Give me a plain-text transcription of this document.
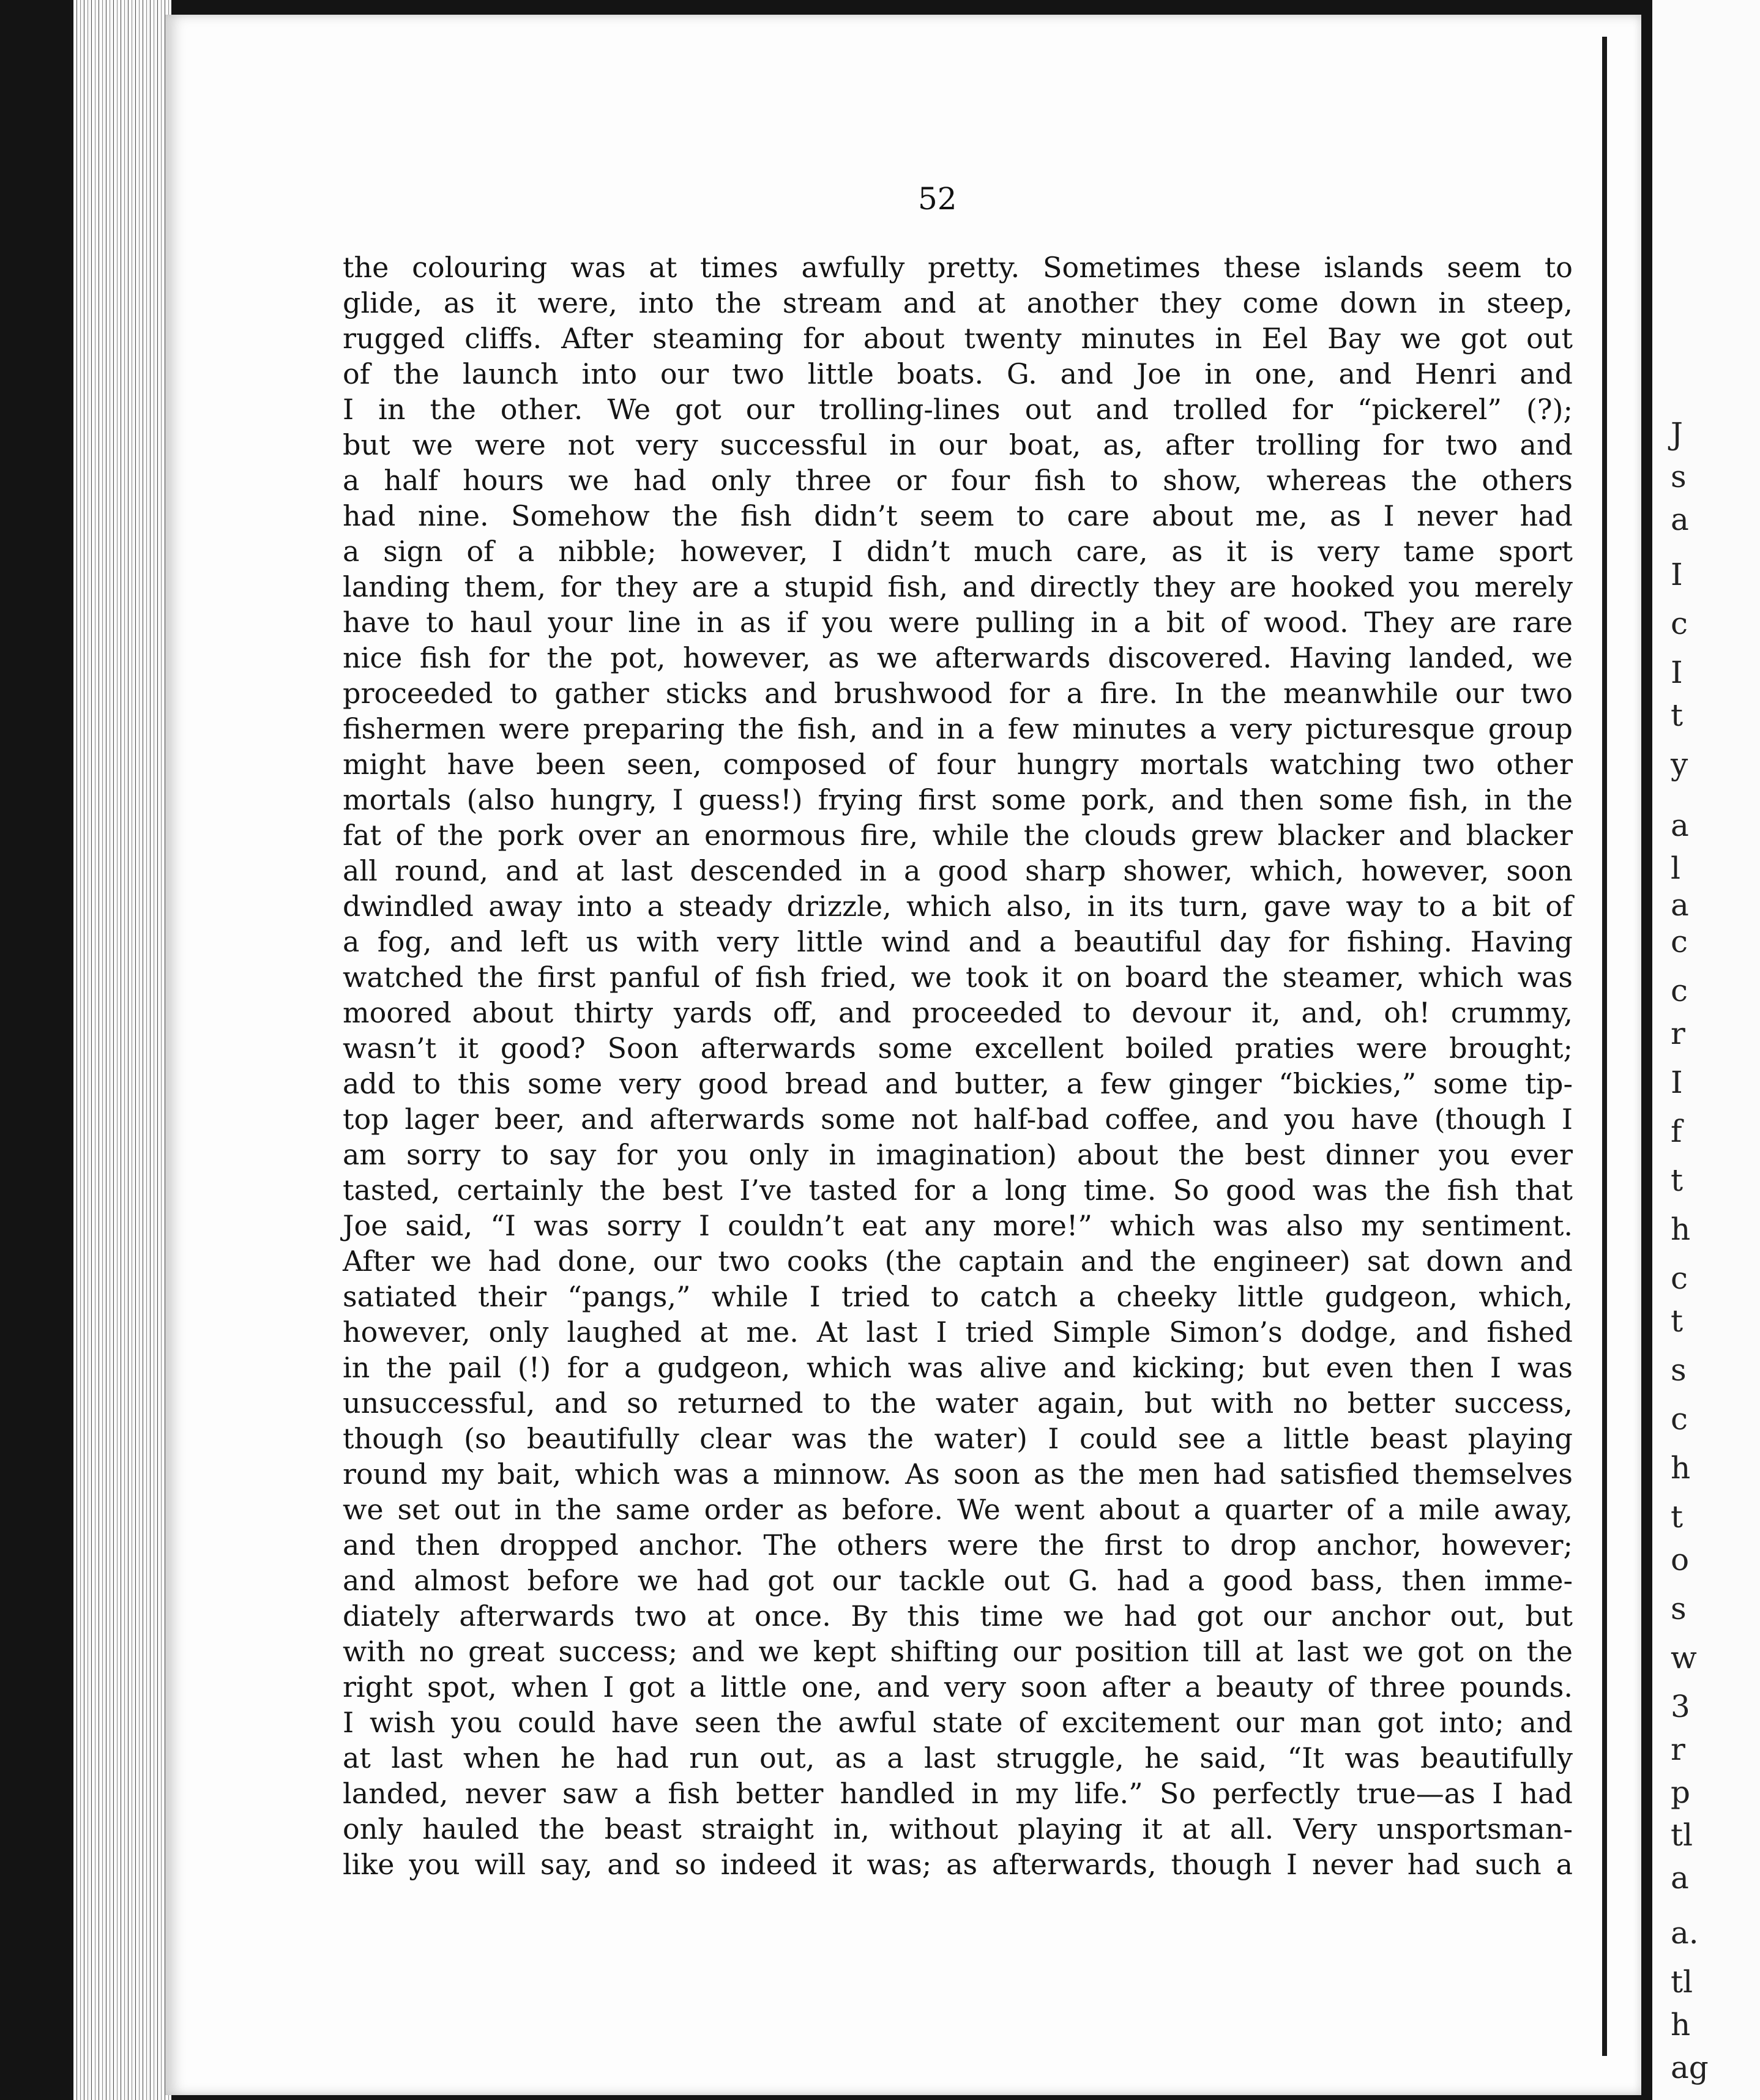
52
the colouring was at times awfully pretty. Sometimes these islands seem to
glide, as it were, into the stream and at another they come down in steep,
rugged cliffs. After steaming for about twenty minutes in Eel Bay we got out
of the launch into our two little boats. G. and Joe in one, and Henri and
I in the other. We got our trolling-lines out and trolled for “pickerel” (?);
but we were not very successful in our boat, as, after trolling for two and
a half hours we had only three or four fish to show, whereas the others
had nine. Somehow the fish didn’t seem to care about me, as I never had
a sign of a nibble; however, I didn’t much care, as it is very tame sport
landing them, for they are a stupid fish, and directly they are hooked you merely
have to haul your line in as if you were pulling in a bit of wood. They are rare
nice fish for the pot, however, as we afterwards discovered. Having landed, we
proceeded to gather sticks and brushwood for a fire. In the meanwhile our two
fishermen were preparing the fish, and in a few minutes a very picturesque group
might have been seen, composed of four hungry mortals watching two other
mortals (also hungry, I guess!) frying first some pork, and then some fish, in the
fat of the pork over an enormous fire, while the clouds grew blacker and blacker
all round, and at last descended in a good sharp shower, which, however, soon
dwindled away into a steady drizzle, which also, in its turn, gave way to a bit of
a fog, and left us with very little wind and a beautiful day for fishing. Having
watched the first panful of fish fried, we took it on board the steamer, which was
moored about thirty yards off, and proceeded to devour it, and, oh! crummy,
wasn’t it good? Soon afterwards some excellent boiled praties were brought;
add to this some very good bread and butter, a few ginger “bickies,” some tip-
top lager beer, and afterwards some not half-bad coffee, and you have (though I
am sorry to say for you only in imagination) about the best dinner you ever
tasted, certainly the best I’ve tasted for a long time. So good was the fish that
Joe said, “I was sorry I couldn’t eat any more!” which was also my sentiment.
After we had done, our two cooks (the captain and the engineer) sat down and
satiated their “pangs,” while I tried to catch a cheeky little gudgeon, which,
however, only laughed at me. At last I tried Simple Simon’s dodge, and fished
in the pail (!) for a gudgeon, which was alive and kicking; but even then I was
unsuccessful, and so returned to the water again, but with no better success,
though (so beautifully clear was the water) I could see a little beast playing
round my bait, which was a minnow. As soon as the men had satisfied themselves
we set out in the same order as before. We went about a quarter of a mile away,
and then dropped anchor. The others were the first to drop anchor, however;
and almost before we had got our tackle out G. had a good bass, then imme-
diately afterwards two at once. By this time we had got our anchor out, but
with no great success; and we kept shifting our position till at last we got on the
right spot, when I got a little one, and very soon after a beauty of three pounds.
I wish you could have seen the awful state of excitement our man got into; and
at last when he had run out, as a last struggle, he said, “It was beautifully
landed, never saw a fish better handled in my life.” So perfectly true—as I had
only hauled the beast straight in, without playing it at all. Very unsportsman-
like you will say, and so indeed it was; as afterwards, though I never had such a
J
s
a
I
c
I
t
y
a
l
a
c
c
r
I
f
t
h
c
t
s
c
h
t
o
s
w
3
r
p
tl
a
a.
tl
h
ag
